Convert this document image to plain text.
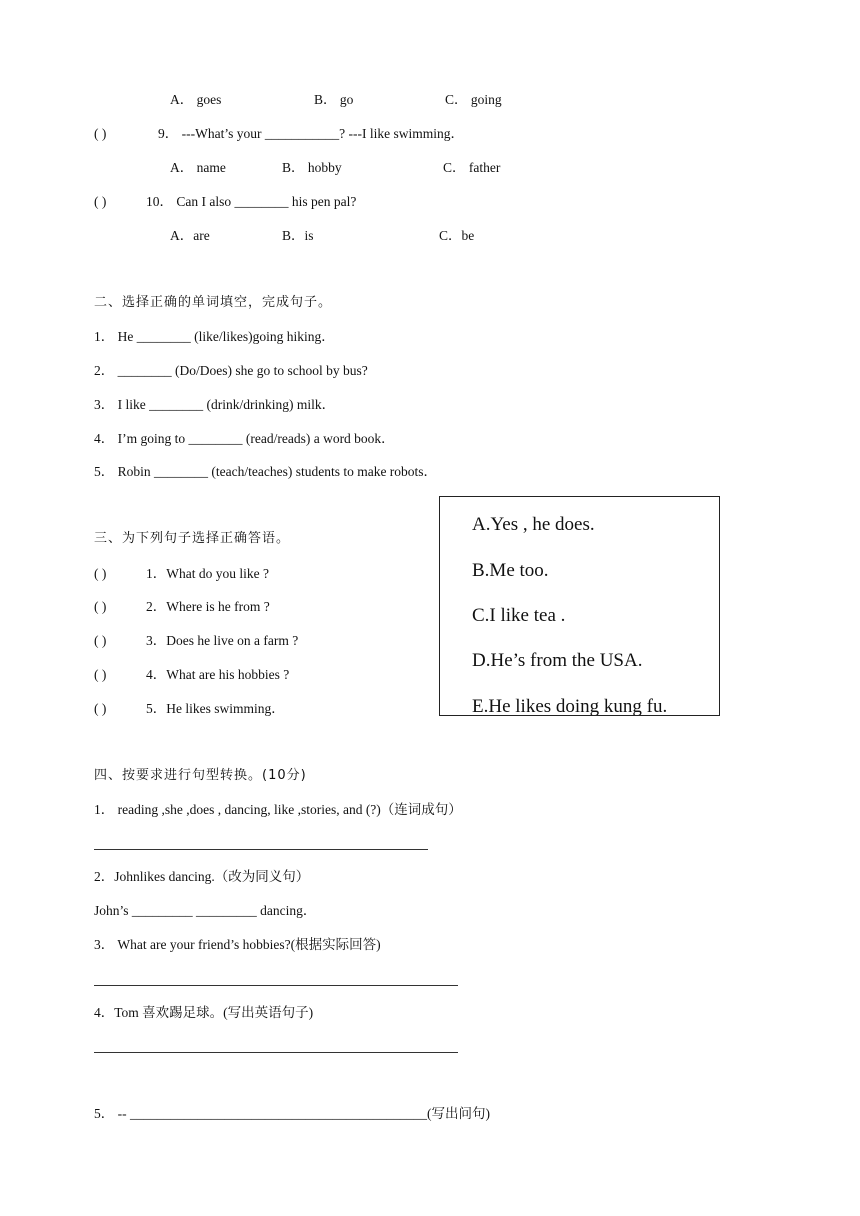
A． goes	B． go	C． going
( )	9． ---What’s your ___________? ---I like swimming．
A． name	B． hobby	C． father
( )	10． Can I also ________ his pen pal?
A．are	B．is	C．be
二、选择正确的单词填空，完成句子。
1． He ________ (like/likes)going hiking．
2． ________ (Do/Does) she go to school by bus?
3． I like ________ (drink/drinking) milk．
4． I’m going to ________ (read/reads) a word book．
5． Robin ________ (teach/teaches) students to make robots．
三、为下列句子选择正确答语。
( )	1．What do you like ?
( )	2．Where is he from ?
( )	3．Does he live on a farm ?
( )	4．What are his hobbies ?
( )	5．He likes swimming．
A.Yes , he does.
B.Me too.
C.I like tea .
D.He’s from the USA.
E.He likes doing kung fu.
四、按要求进行句型转换。(10分)
1． reading ,she ,does , dancing, like ,stories, and (?)（连词成句）
2．Johnlikes dancing.（改为同义句）
John’s _________ _________ dancing．
3． What are your friend’s hobbies?(根据实际回答)
4．Tom 喜欢踢足球。(写出英语句子)
5． -- ____________________________________________(写出问句)
